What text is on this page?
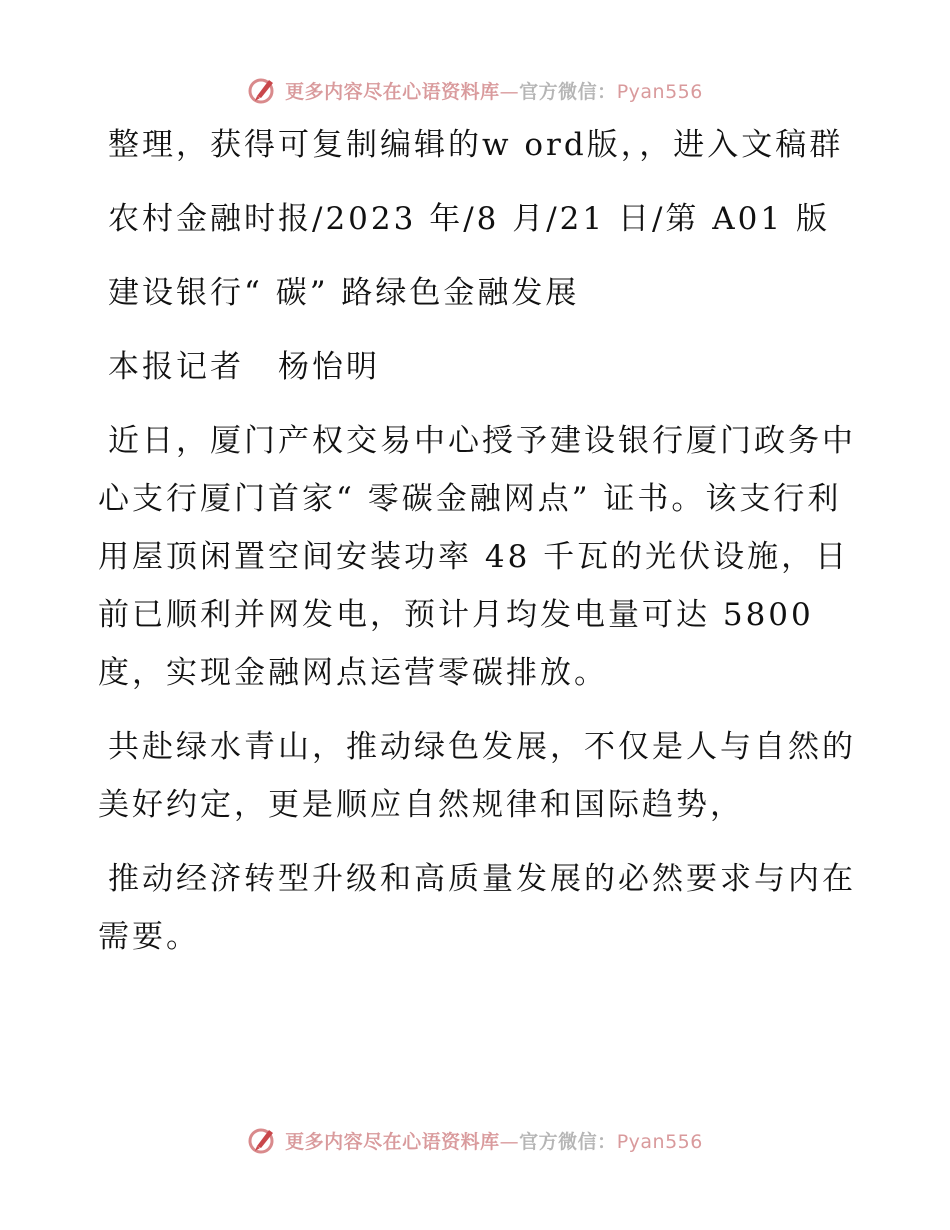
更多内容尽在心语资料库—官方微信：Pyan556

整理，获得可复制编辑的w ord版，，进入文稿群

农村金融时报/2023 年/8 月/21 日/第 A01 版

建设银行“ 碳” 路绿色金融发展

本报记者　杨怡明

近日，厦门产权交易中心授予建设银行厦门政务中心支行厦门首家“ 零碳金融网点” 证书。该支行利用屋顶闲置空间安装功率 48 千瓦的光伏设施，日前已顺利并网发电，预计月均发电量可达 5800 度，实现金融网点运营零碳排放。

共赴绿水青山，推动绿色发展，不仅是人与自然的美好约定，更是顺应自然规律和国际趋势，

推动经济转型升级和高质量发展的必然要求与内在需要。

更多内容尽在心语资料库—官方微信：Pyan556
